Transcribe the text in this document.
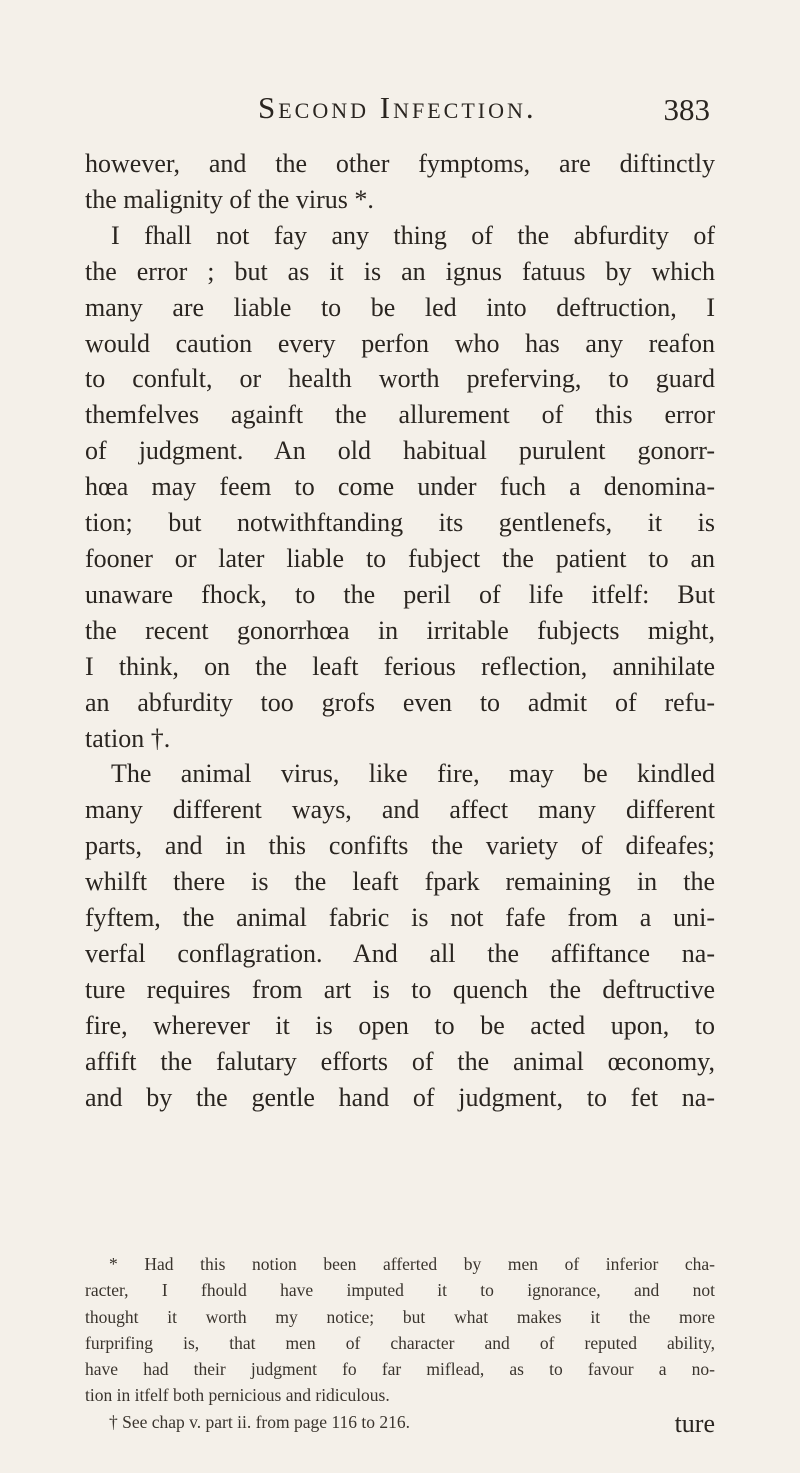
Second Infection.	383
however, and the other fymptoms, are diftinctly
the malignity of the virus *.
I fhall not fay any thing of the abfurdity of
the error ; but as it is an ignus fatuus by which
many are liable to be led into deftruction, I
would caution every perfon who has any reafon
to confult, or health worth preferving, to guard
themfelves againft the allurement of this error
of judgment. An old habitual purulent gonorr-
hœa may feem to come under fuch a denomina-
tion; but notwithftanding its gentlenefs, it is
fooner or later liable to fubject the patient to an
unaware fhock, to the peril of life itfelf: But
the recent gonorrhœa in irritable fubjects might,
I think, on the leaft ferious reflection, annihilate
an abfurdity too grofs even to admit of refu-
tation †.
The animal virus, like fire, may be kindled
many different ways, and affect many different
parts, and in this confifts the variety of difeafes;
whilft there is the leaft fpark remaining in the
fyftem, the animal fabric is not fafe from a uni-
verfal conflagration. And all the affiftance na-
ture requires from art is to quench the deftructive
fire, wherever it is open to be acted upon, to
affift the falutary efforts of the animal œconomy,
and by the gentle hand of judgment, to fet na-
* Had this notion been afferted by men of inferior cha-
racter, I fhould have imputed it to ignorance, and not
thought it worth my notice; but what makes it the more
furprifing is, that men of character and of reputed ability,
have had their judgment fo far miflead, as to favour a no-
tion in itfelf both pernicious and ridiculous.
† See chap v. part ii. from page 116 to 216.	ture
